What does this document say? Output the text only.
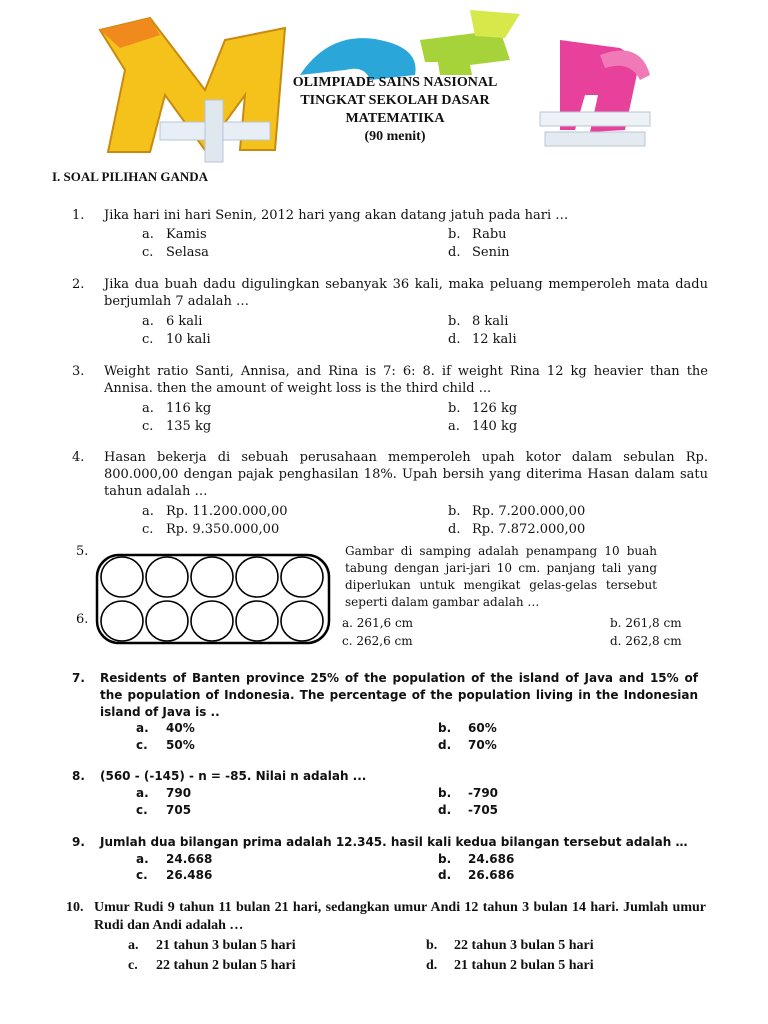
OLIMPIADE SAINS NASIONAL
TINGKAT SEKOLAH DASAR
MATEMATIKA
(90 menit)
I. SOAL PILIHAN GANDA
1. Jika hari ini hari Senin, 2012 hari yang akan datang jatuh pada hari …
a. Kamis	b. Rabu
c. Selasa	d. Senin
2. Jika dua buah dadu digulingkan sebanyak 36 kali, maka peluang memperoleh mata dadu berjumlah 7 adalah …
a. 6 kali	b. 8 kali
c. 10 kali	d. 12 kali
3. Weight ratio Santi, Annisa, and Rina is 7: 6: 8. if weight Rina 12 kg heavier than the Annisa. then the amount of weight loss is the third child ...
a. 116 kg	b. 126 kg
c. 135 kg	a. 140 kg
4. Hasan bekerja di sebuah perusahaan memperoleh upah kotor dalam sebulan Rp. 800.000,00 dengan pajak penghasilan 18%. Upah bersih yang diterima Hasan dalam satu tahun adalah …
a. Rp. 11.200.000,00	b. Rp. 7.200.000,00
c. Rp. 9.350.000,00	d. Rp. 7.872.000,00
5.
6.
Gambar di samping adalah penampang 10 buah tabung dengan jari-jari 10 cm. panjang tali yang diperlukan untuk mengikat gelas-gelas tersebut seperti dalam gambar adalah …
a. 261,6 cm	b. 261,8 cm
c. 262,6 cm	d. 262,8 cm
7. Residents of Banten province 25% of the population of the island of Java and 15% of the population of Indonesia. The percentage of the population living in the Indonesian island of Java is ..
a. 40%	b. 60%
c. 50%	d. 70%
8. (560 - (-145) - n = -85. Nilai n adalah ...
a. 790	b. -790
c. 705	d. -705
9. Jumlah dua bilangan prima adalah 12.345. hasil kali kedua bilangan tersebut adalah …
a. 24.668	b. 24.686
c. 26.486	d. 26.686
10. Umur Rudi 9 tahun 11 bulan 21 hari, sedangkan umur Andi 12 tahun 3 bulan 14 hari. Jumlah umur Rudi dan Andi adalah …
a. 21 tahun 3 bulan 5 hari	b. 22 tahun 3 bulan 5 hari
c. 22 tahun 2 bulan 5 hari	d. 21 tahun 2 bulan 5 hari
